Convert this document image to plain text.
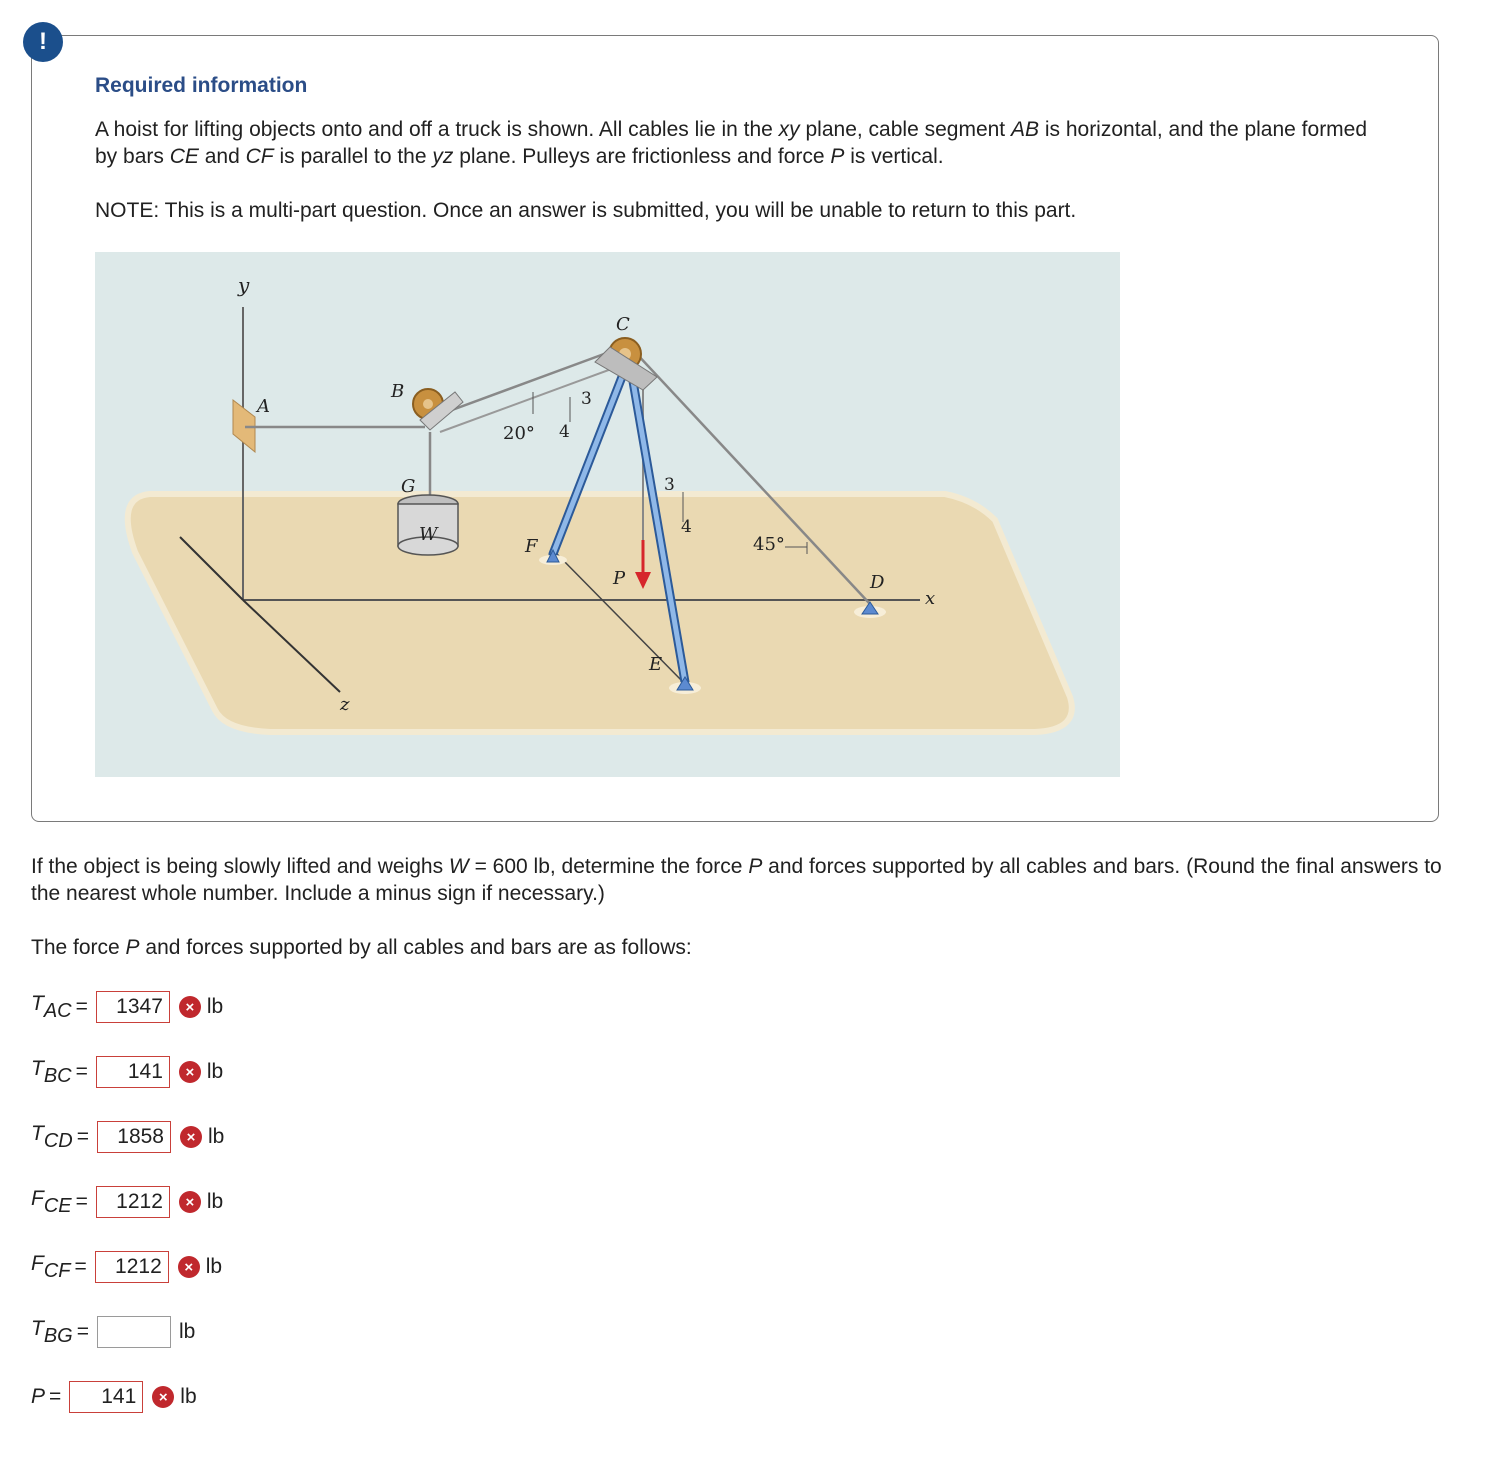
!
Required information
A hoist for lifting objects onto and off a truck is shown. All cables lie in the xy plane, cable segment AB is horizontal, and the plane formed by bars CE and CF is parallel to the yz plane. Pulleys are frictionless and force P is vertical.
NOTE: This is a multi-part question. Once an answer is submitted, you will be unable to return to this part.
y
A
B
C
G
W
F
P
E
D
x
z
20°
45°
3
4
3
4
If the object is being slowly lifted and weighs W = 600 lb, determine the force P and forces supported by all cables and bars. (Round the final answers to the nearest whole number. Include a minus sign if necessary.)
The force P and forces supported by all cables and bars are as follows:
$T_{AC}$ =	1347	× lb
$T_{BC}$ =	141	× lb
$T_{CD}$ =	1858	× lb
$F_{CE}$ =	1212	× lb
$F_{CF}$ =	1212	× lb
$T_{BG}$ =	lb
P =	141	× lb
